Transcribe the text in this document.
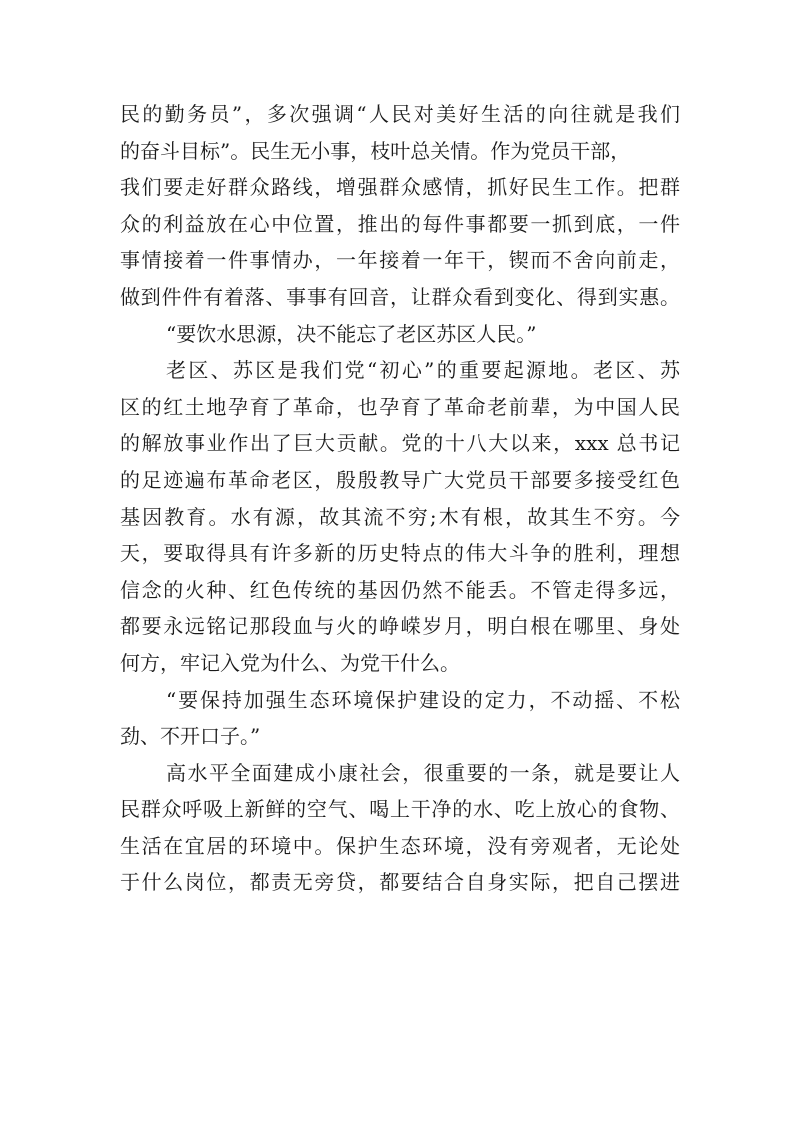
民的勤务员”，多次强调“人民对美好生活的向往就是我们
的奋斗目标”。民生无小事，枝叶总关情。作为党员干部，
我们要走好群众路线，增强群众感情，抓好民生工作。把群
众的利益放在心中位置，推出的每件事都要一抓到底，一件
事情接着一件事情办，一年接着一年干，锲而不舍向前走，
做到件件有着落、事事有回音，让群众看到变化、得到实惠。
“要饮水思源，决不能忘了老区苏区人民。”
老区、苏区是我们党“初心”的重要起源地。老区、苏
区的红土地孕育了革命，也孕育了革命老前辈，为中国人民
的解放事业作出了巨大贡献。党的十八大以来，xxx 总书记
的足迹遍布革命老区，殷殷教导广大党员干部要多接受红色
基因教育。水有源，故其流不穷;木有根，故其生不穷。今
天，要取得具有许多新的历史特点的伟大斗争的胜利，理想
信念的火种、红色传统的基因仍然不能丢。不管走得多远，
都要永远铭记那段血与火的峥嵘岁月，明白根在哪里、身处
何方，牢记入党为什么、为党干什么。
“要保持加强生态环境保护建设的定力，不动摇、不松
劲、不开口子。”
高水平全面建成小康社会，很重要的一条，就是要让人
民群众呼吸上新鲜的空气、喝上干净的水、吃上放心的食物、
生活在宜居的环境中。保护生态环境，没有旁观者，无论处
于什么岗位，都责无旁贷，都要结合自身实际，把自己摆进
